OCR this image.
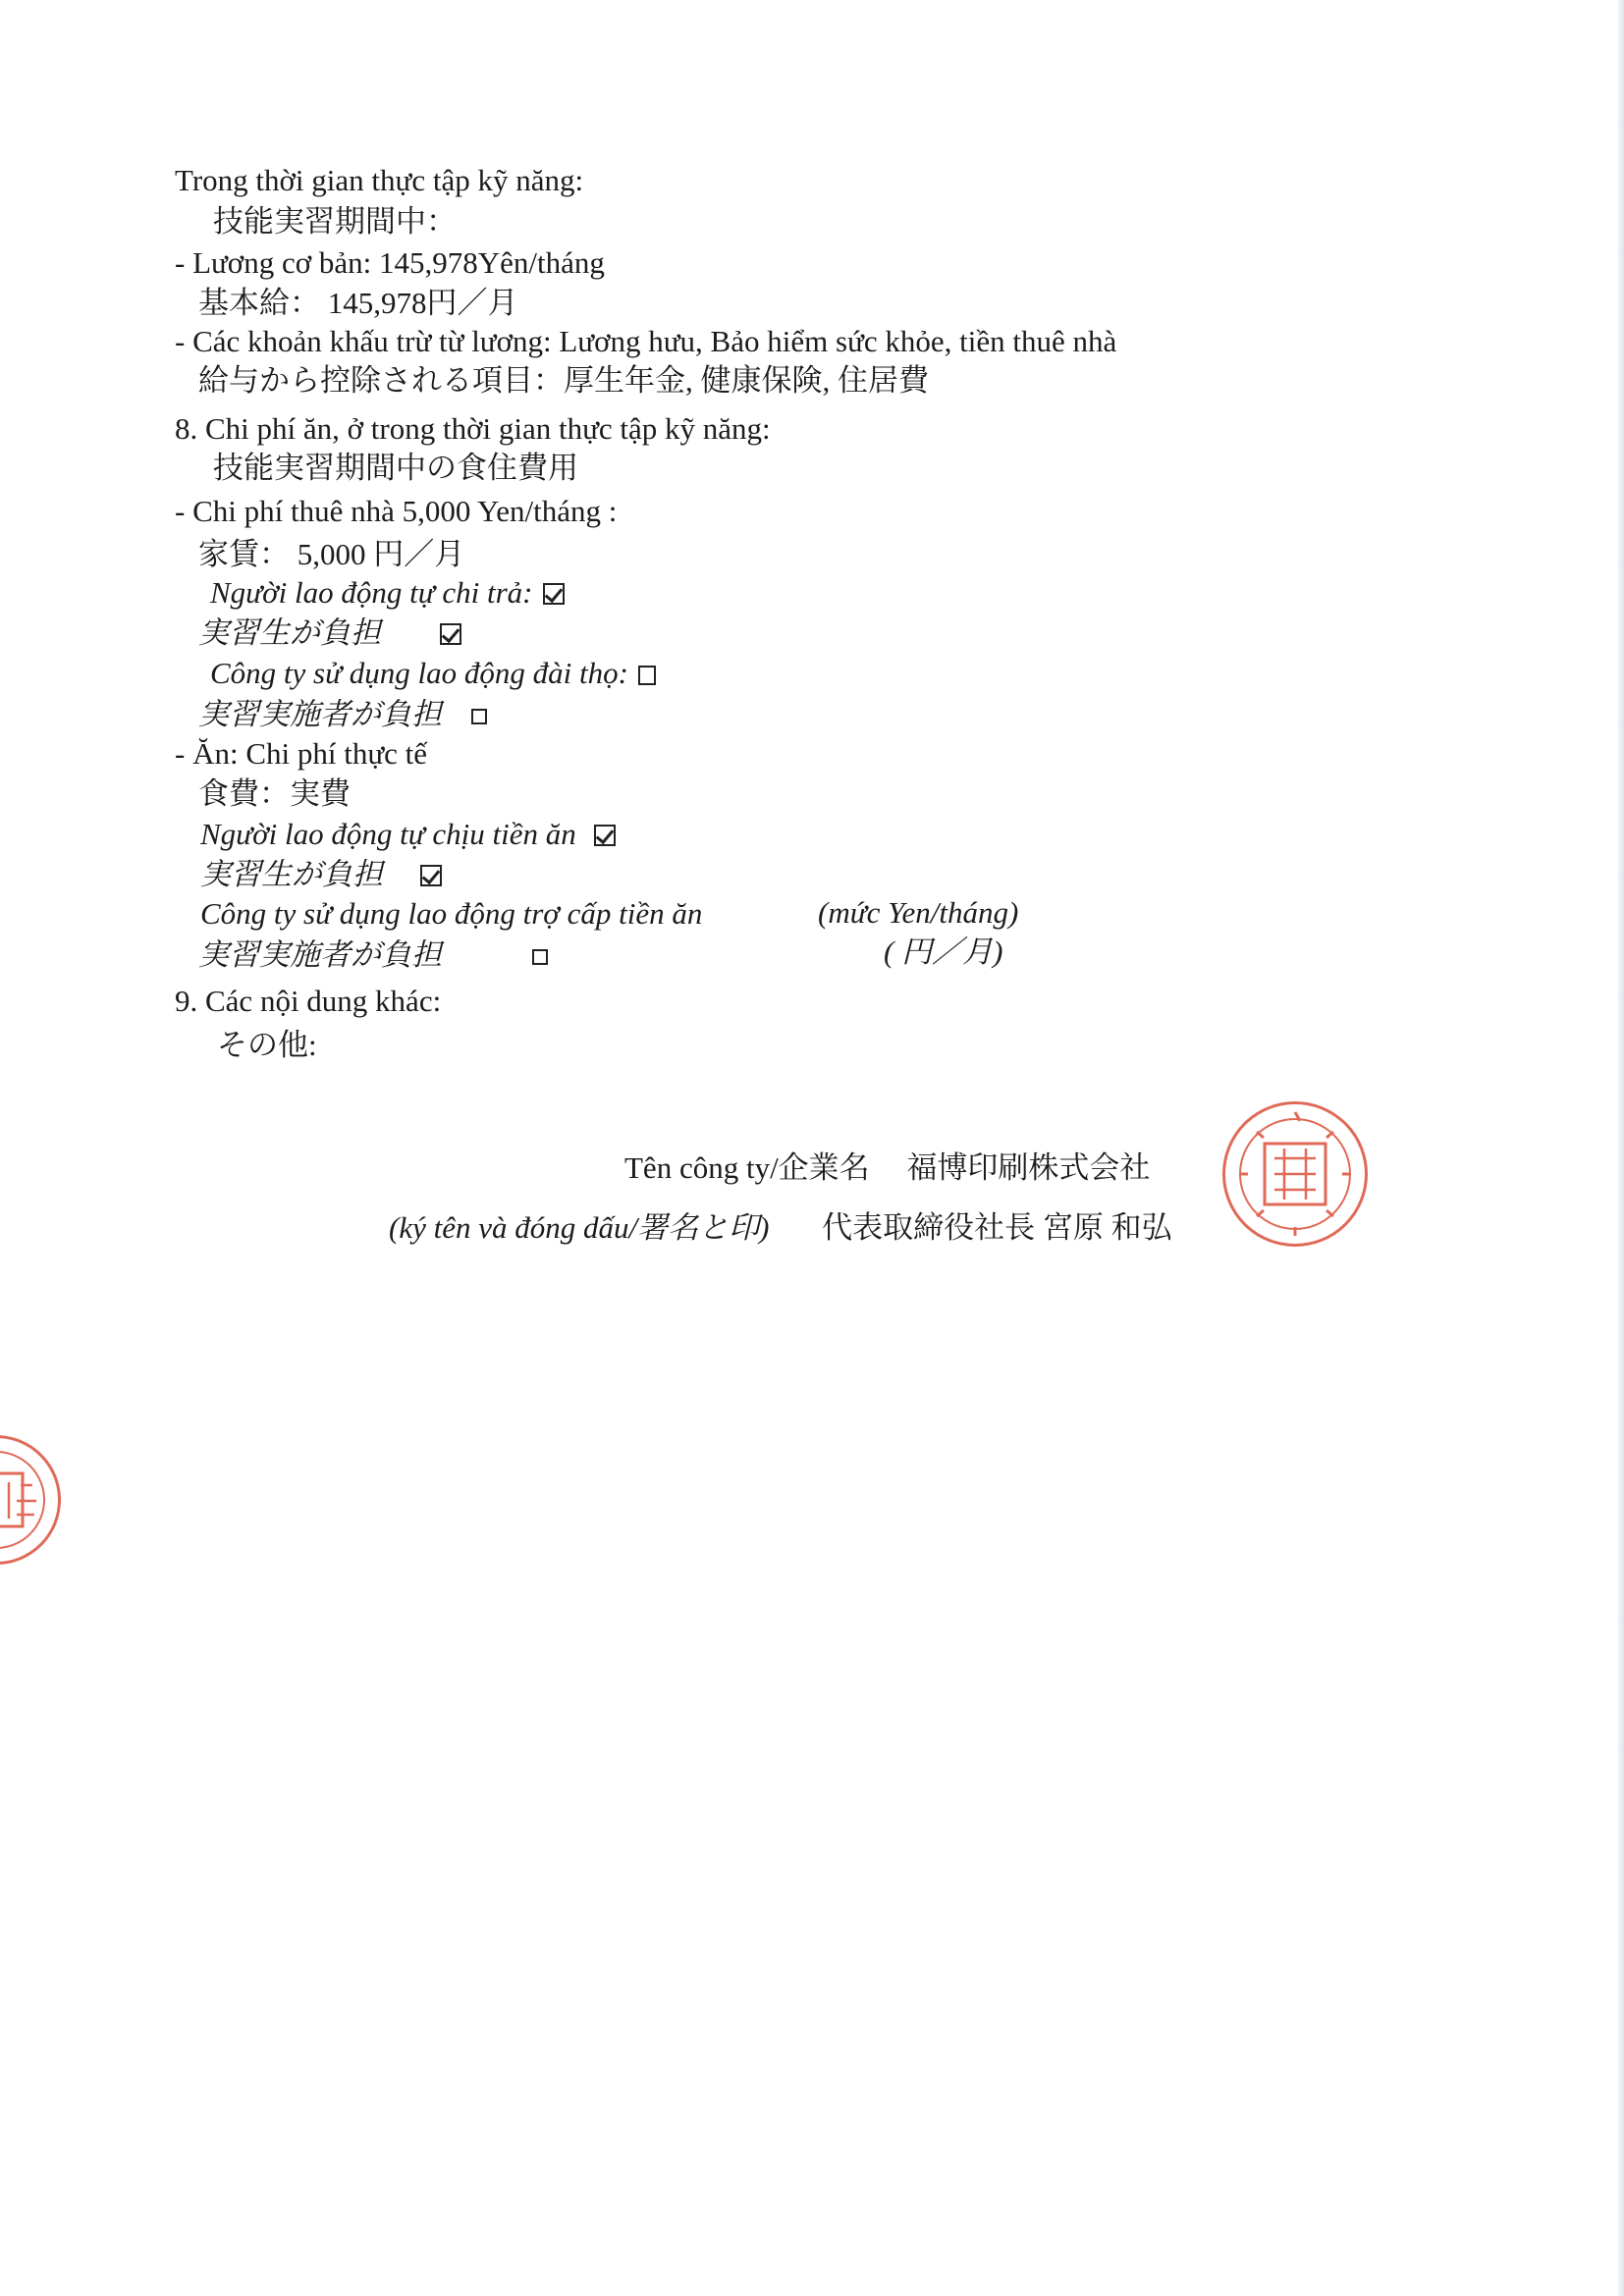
Trong thời gian thực tập kỹ năng:
技能実習期間中：
- Lương cơ bản: 145,978Yên/tháng
基本給： 145,978円／月
- Các khoản khấu trừ từ lương: Lương hưu, Bảo hiểm sức khỏe, tiền thuê nhà
給与から控除される項目：厚生年金, 健康保険, 住居費
8. Chi phí ăn, ở trong thời gian thực tập kỹ năng:
技能実習期間中の食住費用
- Chi phí thuê nhà 5,000 Yen/tháng :
家賃： 5,000 円／月
Người lao động tự chi trả:
実習生が負担
Công ty sử dụng lao động đài thọ:
実習実施者が負担
- Ăn: Chi phí thực tế
食費：実費
Người lao động tự chịu tiền ăn
実習生が負担
Công ty sử dụng lao động trợ cấp tiền ăn	(mức Yen/tháng)
実習実施者が負担	( 円／月)
9. Các nội dung khác:
その他:
Tên công ty/企業名 福博印刷株式会社
(ký tên và đóng dấu/署名と印) 代表取締役社長 宮原 和弘
